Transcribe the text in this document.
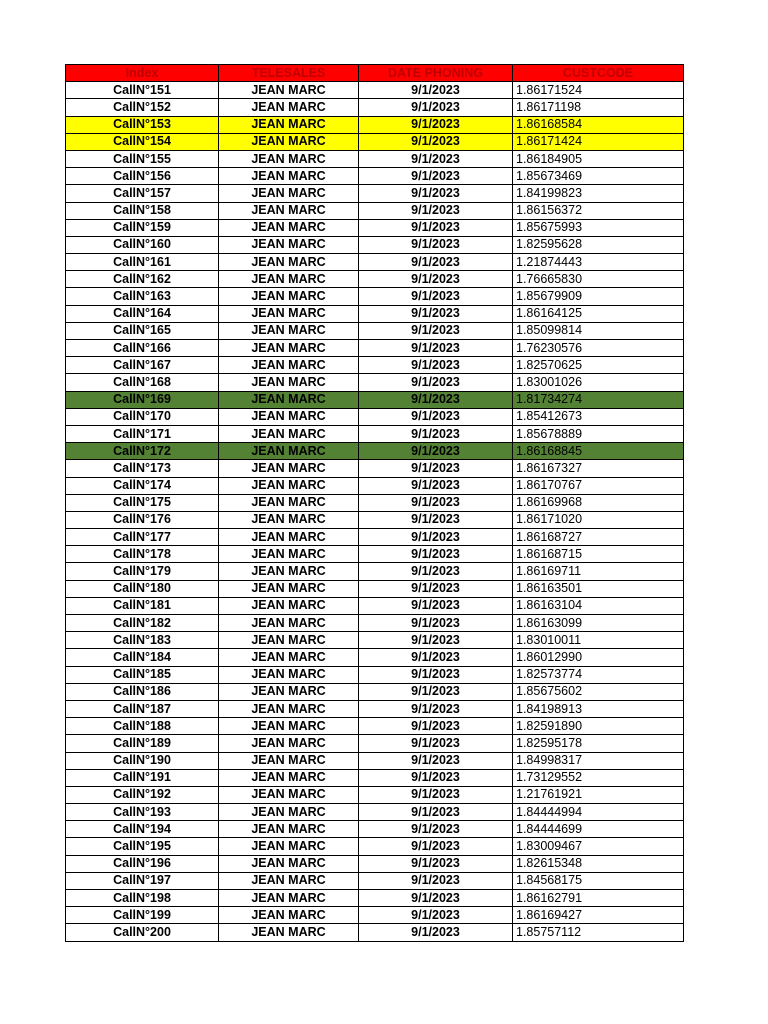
Index	TELESALES	DATE PHONING	CUSTCODE
CallN°151	JEAN MARC	9/1/2023	1.86171524
CallN°152	JEAN MARC	9/1/2023	1.86171198
CallN°153	JEAN MARC	9/1/2023	1.86168584
CallN°154	JEAN MARC	9/1/2023	1.86171424
CallN°155	JEAN MARC	9/1/2023	1.86184905
CallN°156	JEAN MARC	9/1/2023	1.85673469
CallN°157	JEAN MARC	9/1/2023	1.84199823
CallN°158	JEAN MARC	9/1/2023	1.86156372
CallN°159	JEAN MARC	9/1/2023	1.85675993
CallN°160	JEAN MARC	9/1/2023	1.82595628
CallN°161	JEAN MARC	9/1/2023	1.21874443
CallN°162	JEAN MARC	9/1/2023	1.76665830
CallN°163	JEAN MARC	9/1/2023	1.85679909
CallN°164	JEAN MARC	9/1/2023	1.86164125
CallN°165	JEAN MARC	9/1/2023	1.85099814
CallN°166	JEAN MARC	9/1/2023	1.76230576
CallN°167	JEAN MARC	9/1/2023	1.82570625
CallN°168	JEAN MARC	9/1/2023	1.83001026
CallN°169	JEAN MARC	9/1/2023	1.81734274
CallN°170	JEAN MARC	9/1/2023	1.85412673
CallN°171	JEAN MARC	9/1/2023	1.85678889
CallN°172	JEAN MARC	9/1/2023	1.86168845
CallN°173	JEAN MARC	9/1/2023	1.86167327
CallN°174	JEAN MARC	9/1/2023	1.86170767
CallN°175	JEAN MARC	9/1/2023	1.86169968
CallN°176	JEAN MARC	9/1/2023	1.86171020
CallN°177	JEAN MARC	9/1/2023	1.86168727
CallN°178	JEAN MARC	9/1/2023	1.86168715
CallN°179	JEAN MARC	9/1/2023	1.86169711
CallN°180	JEAN MARC	9/1/2023	1.86163501
CallN°181	JEAN MARC	9/1/2023	1.86163104
CallN°182	JEAN MARC	9/1/2023	1.86163099
CallN°183	JEAN MARC	9/1/2023	1.83010011
CallN°184	JEAN MARC	9/1/2023	1.86012990
CallN°185	JEAN MARC	9/1/2023	1.82573774
CallN°186	JEAN MARC	9/1/2023	1.85675602
CallN°187	JEAN MARC	9/1/2023	1.84198913
CallN°188	JEAN MARC	9/1/2023	1.82591890
CallN°189	JEAN MARC	9/1/2023	1.82595178
CallN°190	JEAN MARC	9/1/2023	1.84998317
CallN°191	JEAN MARC	9/1/2023	1.73129552
CallN°192	JEAN MARC	9/1/2023	1.21761921
CallN°193	JEAN MARC	9/1/2023	1.84444994
CallN°194	JEAN MARC	9/1/2023	1.84444699
CallN°195	JEAN MARC	9/1/2023	1.83009467
CallN°196	JEAN MARC	9/1/2023	1.82615348
CallN°197	JEAN MARC	9/1/2023	1.84568175
CallN°198	JEAN MARC	9/1/2023	1.86162791
CallN°199	JEAN MARC	9/1/2023	1.86169427
CallN°200	JEAN MARC	9/1/2023	1.85757112
